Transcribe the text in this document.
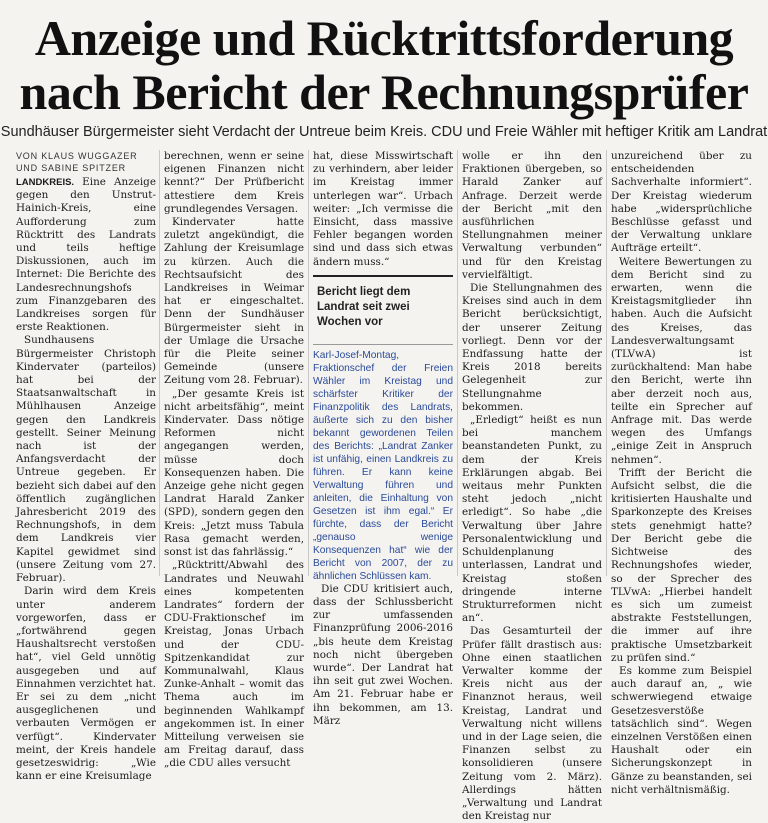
Anzeige und Rücktrittsforderung
nach Bericht der Rechnungsprüfer
Sundhäuser Bürgermeister sieht Verdacht der Untreue beim Kreis. CDU und Freie Wähler mit heftiger Kritik am Landrat
VON KLAUS WUGGAZER
UND SABINE SPITZER

LANDKREIS. Eine Anzeige gegen den Unstrut-Hainich-Kreis, eine Aufforderung zum Rücktritt des Landrats und teils heftige Diskussionen, auch im Internet: Die Berichte des Landesrechnungshofs zum Finanzgebaren des Landkreises sorgen für erste Reaktionen.

Sundhausens Bürgermeister Christoph Kindervater (parteilos) hat bei der Staatsanwaltschaft in Mühlhausen Anzeige gegen den Landkreis gestellt. Seiner Meinung nach ist der Anfangsverdacht der Untreue gegeben. Er bezieht sich dabei auf den öffentlich zugänglichen Jahresbericht 2019 des Rechnungshofs, in dem dem Landkreis vier Kapitel gewidmet sind (unsere Zeitung vom 27. Februar).

Darin wird dem Kreis unter anderem vorgeworfen, dass er „fortwährend gegen Haushaltsrecht verstoßen hat“, viel Geld unnötig ausgegeben und auf Einnahmen verzichtet hat. Er sei zu dem „nicht ausgeglichenen und verbauten Vermögen er verfügt“. Kindervater meint, der Kreis handele gesetzeswidrig: „Wie kann er eine Kreisumlage

berechnen, wenn er seine eigenen Finanzen nicht kennt?“ Der Prüfbericht attestiere dem Kreis grundlegendes Versagen.

Kindervater hatte zuletzt angekündigt, die Zahlung der Kreisumlage zu kürzen. Auch die Rechtsaufsicht des Landkreises in Weimar hat er eingeschaltet. Denn der Sundhäuser Bürgermeister sieht in der Umlage die Ursache für die Pleite seiner Gemeinde (unsere Zeitung vom 28. Februar).

„Der gesamte Kreis ist nicht arbeitsfähig“, meint Kindervater. Dass nötige Reformen nicht angegangen werden, müsse doch Konsequenzen haben. Die Anzeige gehe nicht gegen Landrat Harald Zanker (SPD), sondern gegen den Kreis: „Jetzt muss Tabula Rasa gemacht werden, sonst ist das fahrlässig.“

„Rücktritt/Abwahl des Landrates und Neuwahl eines kompetenten Landrates“ fordern der CDU-Fraktionschef im Kreistag, Jonas Urbach und der CDU-Spitzenkandidat zur Kommunalwahl, Klaus Zunke-Anhalt – womit das Thema auch im beginnenden Wahlkampf angekommen ist. In einer Mitteilung verweisen sie am Freitag darauf, dass „die CDU alles versucht

hat, diese Misswirtschaft zu verhindern, aber leider im Kreistag immer unterlegen war“. Urbach weiter: „Ich vermisse die Einsicht, dass massive Fehler begangen worden sind und dass sich etwas ändern muss.“

Bericht liegt dem Landrat seit zwei Wochen vor

Karl-Josef-Montag, Fraktionschef der Freien Wähler im Kreistag und schärfster Kritiker der Finanzpolitik des Landrats, äußerte sich zu den bisher bekannt gewordenen Teilen des Berichts: „Landrat Zanker ist unfähig, einen Landkreis zu führen. Er kann keine Verwaltung führen und anleiten, die Einhaltung von Gesetzen ist ihm egal.“ Er fürchte, dass der Bericht „genauso wenige Konsequenzen hat“ wie der Bericht von 2007, der zu ähnlichen Schlüssen kam.

Die CDU kritisiert auch, dass der Schlussbericht zur umfassenden Finanzprüfung 2006-2016 „bis heute dem Kreistag noch nicht übergeben wurde“. Der Landrat hat ihn seit gut zwei Wochen. Am 21. Februar habe er ihn bekommen, am 13. März

wolle er ihn den Fraktionen übergeben, so Harald Zanker auf Anfrage. Derzeit werde der Bericht „mit den ausführlichen Stellungnahmen meiner Verwaltung verbunden“ und für den Kreistag vervielfältigt.

Die Stellungnahmen des Kreises sind auch in dem Bericht berücksichtigt, der unserer Zeitung vorliegt. Denn vor der Endfassung hatte der Kreis 2018 bereits Gelegenheit zur Stellungnahme bekommen.

„Erledigt“ heißt es nun bei manchem beanstandeten Punkt, zu dem der Kreis Erklärungen abgab. Bei weitaus mehr Punkten steht jedoch „nicht erledigt“. So habe „die Verwaltung über Jahre Personalentwicklung und Schuldenplanung unterlassen, Landrat und Kreistag stoßen dringende interne Strukturreformen nicht an“.

Das Gesamturteil der Prüfer fällt drastisch aus: Ohne einen staatlichen Verwalter komme der Kreis nicht aus der Finanznot heraus, weil Kreistag, Landrat und Verwaltung nicht willens und in der Lage seien, die Finanzen selbst zu konsolidieren (unsere Zeitung vom 2. März). Allerdings hätten „Verwaltung und Landrat den Kreistag nur

unzureichend über zu entscheidenden Sachverhalte informiert“. Der Kreistag wiederum habe „widersprüchliche Beschlüsse gefasst und der Verwaltung unklare Aufträge erteilt“.

Weitere Bewertungen zu dem Bericht sind zu erwarten, wenn die Kreistagsmitglieder ihn haben. Auch die Aufsicht des Kreises, das Landesverwaltungsamt (TLVwA) ist zurückhaltend: Man habe den Bericht, werte ihn aber derzeit noch aus, teilte ein Sprecher auf Anfrage mit. Das werde wegen des Umfangs „einige Zeit in Anspruch nehmen“.

Trifft der Bericht die Aufsicht selbst, die die kritisierten Haushalte und Sparkonzepte des Kreises stets genehmigt hatte? Der Bericht gebe die Sichtweise des Rechnungshofes wieder, so der Sprecher des TLVwA: „Hierbei handelt es sich um zumeist abstrakte Feststellungen, die immer auf ihre praktische Umsetzbarkeit zu prüfen sind.“

Es komme zum Beispiel auch darauf an, „ wie schwerwiegend etwaige Gesetzesverstöße tatsächlich sind“. Wegen einzelnen Verstößen einen Haushalt oder ein Sicherungskonzept in Gänze zu beanstanden, sei nicht verhältnismäßig.
